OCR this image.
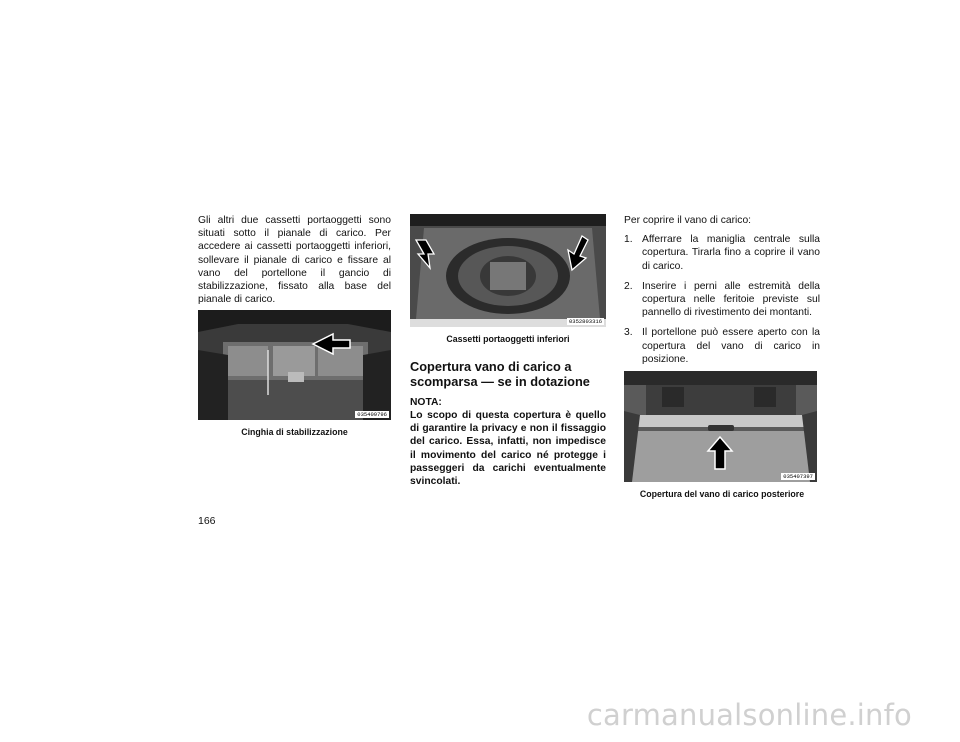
Gli altri due cassetti portaoggetti sono situati sotto il pianale di carico. Per accedere ai cassetti portaoggetti inferiori, sollevare il pianale di carico e fissare al vano del portellone il gancio di stabilizzazione, fissato alla base del pianale di carico.

035409796
Cinghia di stabilizzazione
0352803316
Cassetti portaoggetti inferiori
Copertura vano di carico a
scomparsa — se in dotazione
NOTA:

Lo scopo di questa copertura è quello di garantire la privacy e non il fissaggio del carico. Essa, infatti, non impedisce il movimento del carico né protegge i passeggeri da carichi eventualmente svincolati.

Per coprire il vano di carico:

1. Afferrare la maniglia centrale sulla copertura. Tirarla fino a coprire il vano di carico.
2. Inserire i perni alle estremità della copertura nelle feritoie previste sul pannello di rivestimento dei montanti.
3. Il portellone può essere aperto con la copertura del vano di carico in posizione.
035407397
Copertura del vano di carico posteriore
166
carmanualsonline.info
